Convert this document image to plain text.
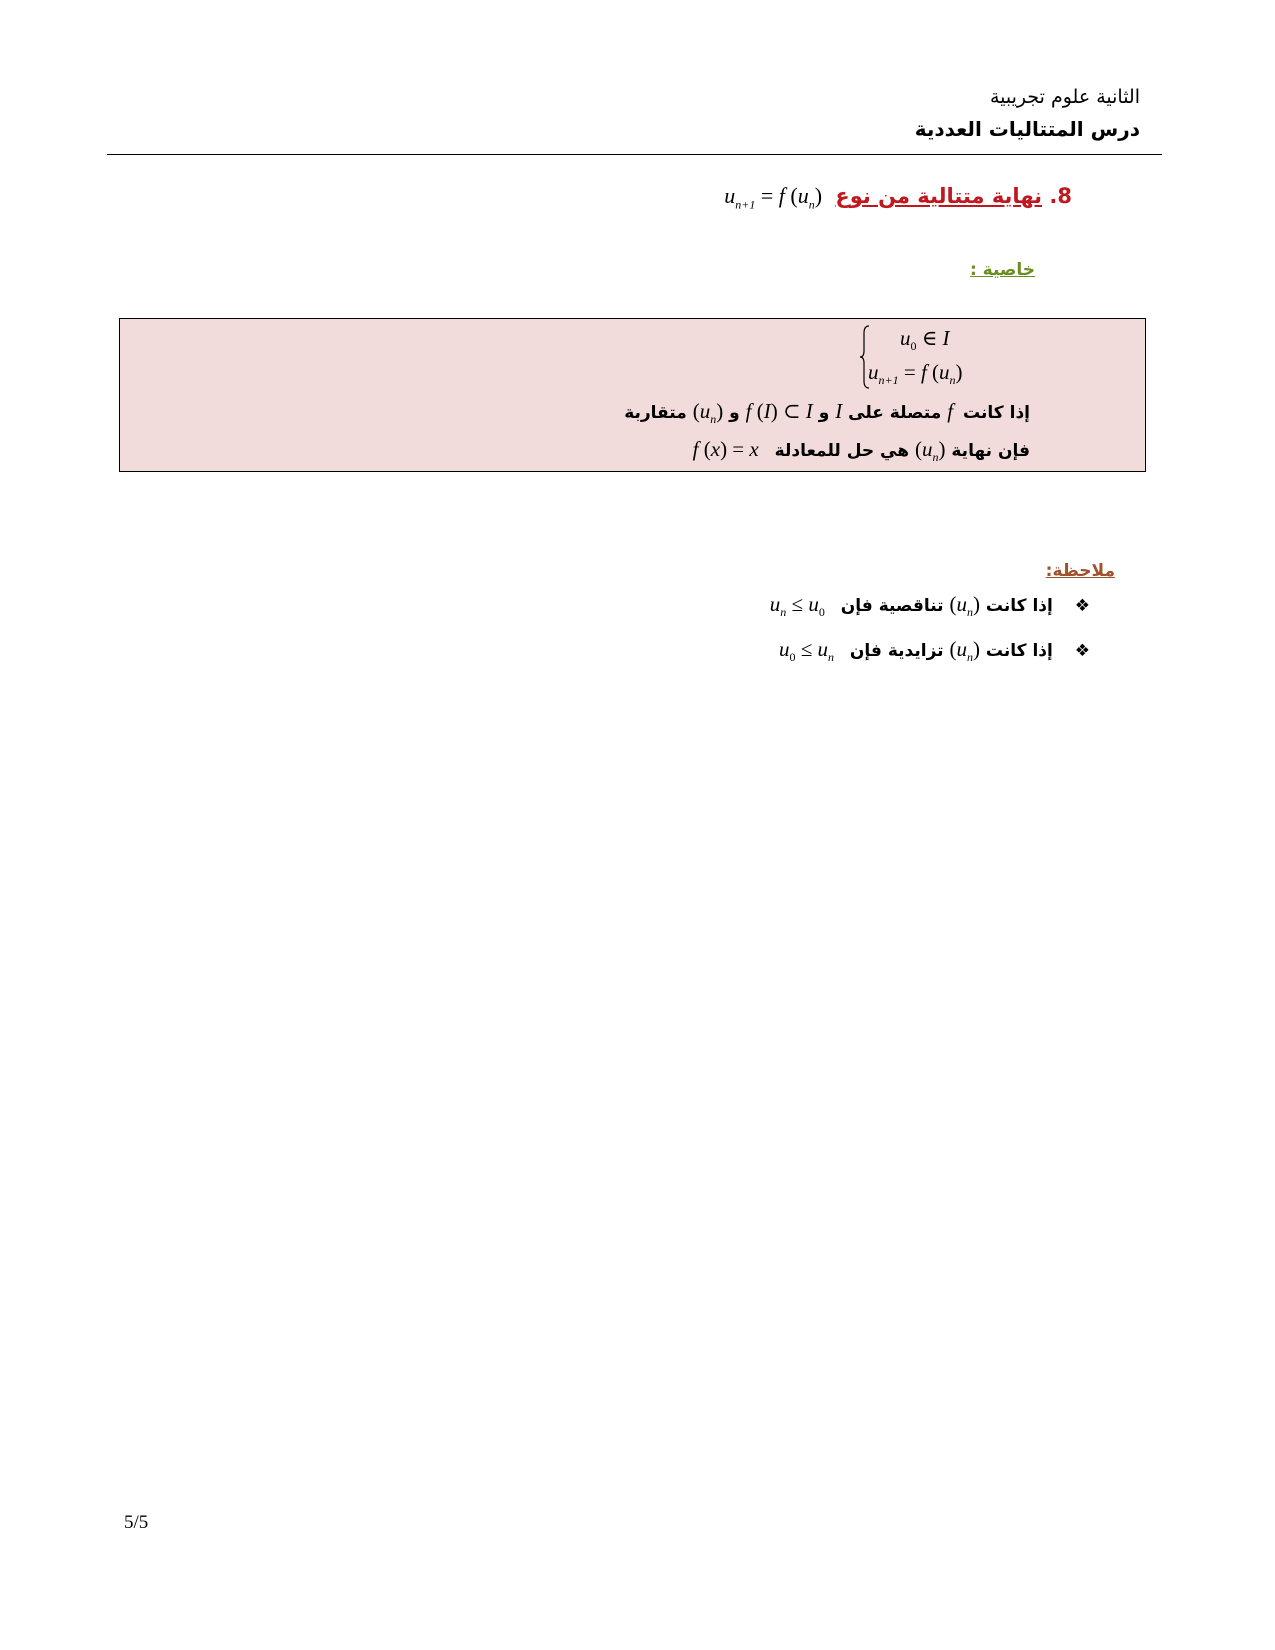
الثانية علوم تجريبية
درس المتتاليات العددية
8. نهاية متتالية من نوع $u_{n+1} = f$ $(u_n)$
خاصية :
$u_0$ ∈ I
$u_{n+1} = f$ $(u_n)$
إذا كانتf متصلة على I و f (I) ⊂ I و $(u_n)$ متقاربة
فإن نهاية $(u_n)$ هي حل للمعادلة f (x) = x
ملاحظة:
❖ إذا كانت $(u_n)$ تناقصية فإن $u_n \le u_0$
❖ إذا كانت $(u_n)$ تزايدية فإن $u_0 \le u_n$
5/5
